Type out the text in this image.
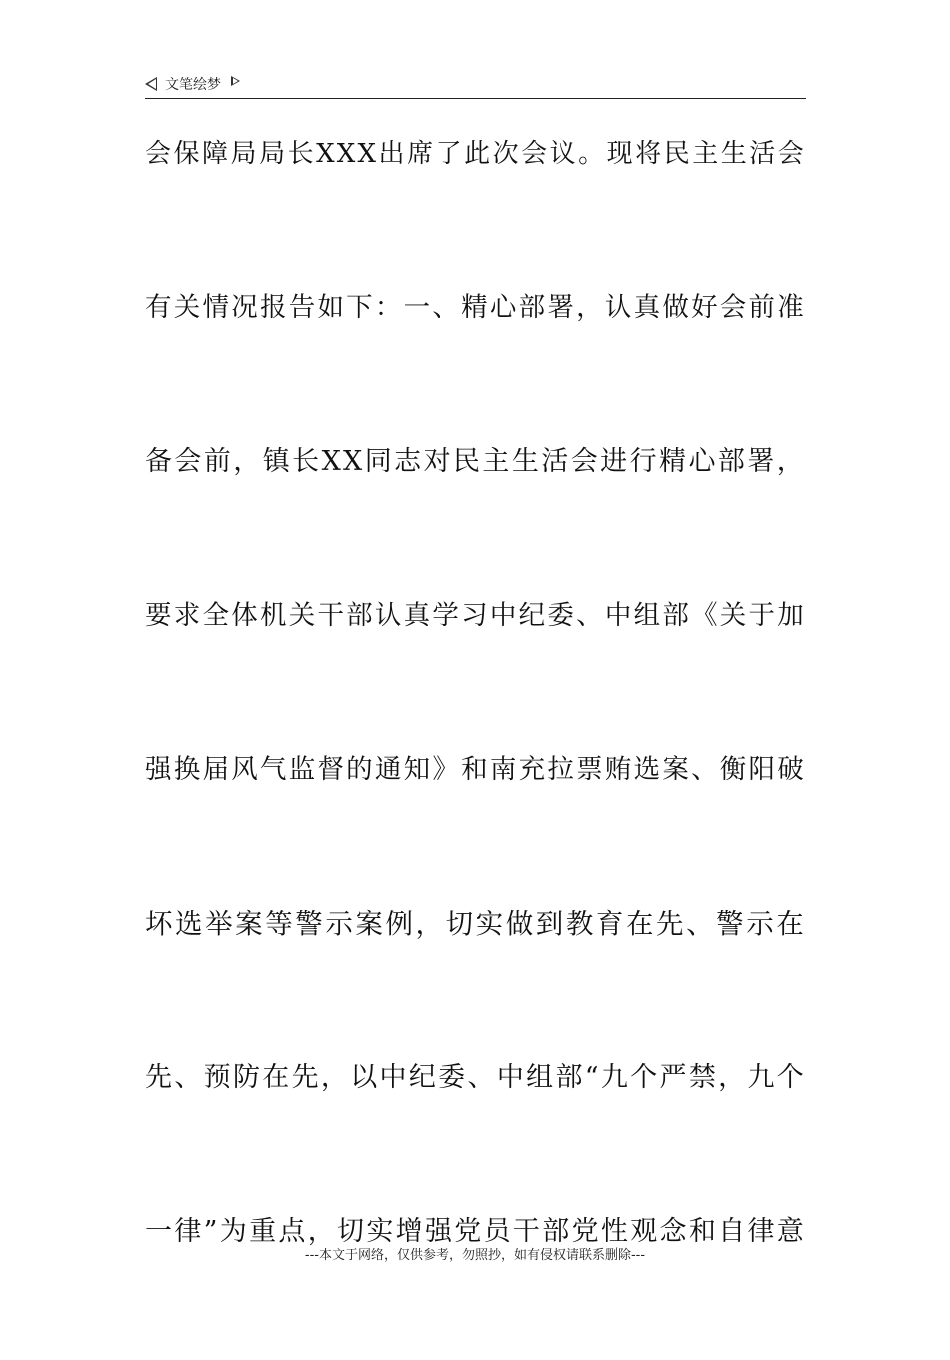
文笔绘梦
会保障局局长XXX出席了此次会议。现将民主生活会
有关情况报告如下：一、精心部署，认真做好会前准
备会前，镇长XX同志对民主生活会进行精心部署，
要求全体机关干部认真学习中纪委、中组部《关于加
强换届风气监督的通知》和南充拉票贿选案、衡阳破
坏选举案等警示案例，切实做到教育在先、警示在
先、预防在先，以中纪委、中组部“九个严禁，九个
一律”为重点，切实增强党员干部党性观念和自律意
---本文于网络，仅供参考，勿照抄，如有侵权请联系删除---
